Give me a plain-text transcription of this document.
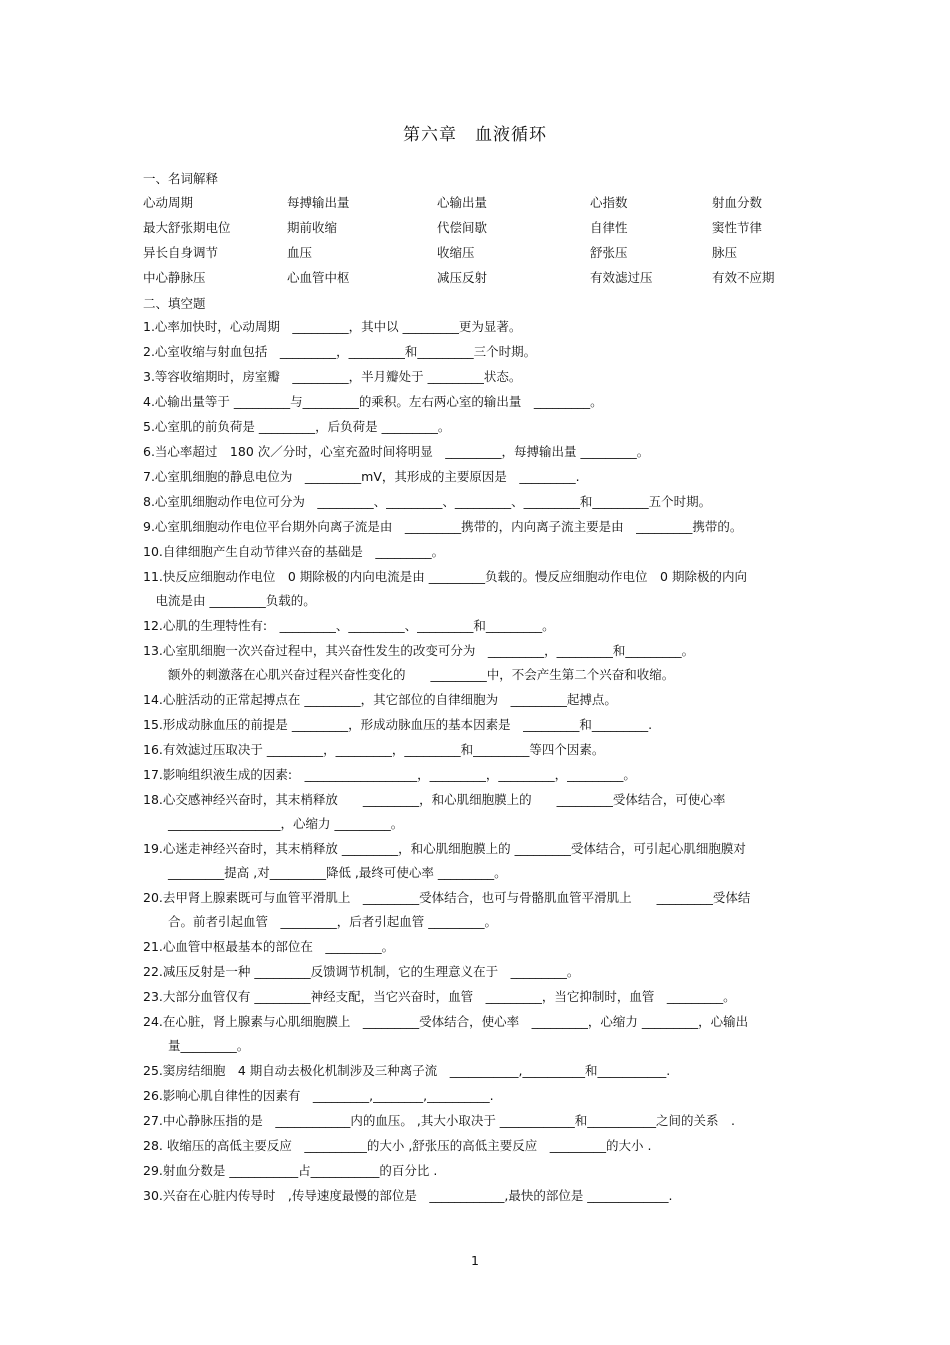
第六章　血液循环
一、名词解释
心动周期	每搏输出量	心输出量	心指数	射血分数
最大舒张期电位	期前收缩	代偿间歇	自律性	窦性节律
异长自身调节	血压	收缩压	舒张压	脉压
中心静脉压	心血管中枢	减压反射	有效滤过压	有效不应期
二、填空题
1.心率加快时，心动周期　_________，其中以 _________更为显著。
2.心室收缩与射血包括　_________，_________和_________三个时期。
3.等容收缩期时，房室瓣　_________，半月瓣处于 _________状态。
4.心输出量等于 _________与_________的乘积。左右两心室的输出量　_________。
5.心室肌的前负荷是 _________，后负荷是 _________。
6.当心率超过　180 次／分时，心室充盈时间将明显　_________，每搏输出量 _________。
7.心室肌细胞的静息电位为　_________mV，其形成的主要原因是　_________.
8.心室肌细胞动作电位可分为　_________、_________、_________、_________和_________五个时期。
9.心室肌细胞动作电位平台期外向离子流是由　_________携带的，内向离子流主要是由　_________携带的。
10.自律细胞产生自动节律兴奋的基础是　_________。
11.快反应细胞动作电位　0 期除极的内向电流是由 _________负载的。慢反应细胞动作电位　0 期除极的内向
　电流是由 _________负载的。
12.心肌的生理特性有:　_________、_________、_________和_________。
13.心室肌细胞一次兴奋过程中，其兴奋性发生的改变可分为　_________，_________和_________。
　　额外的刺激落在心肌兴奋过程兴奋性变化的　　_________中，不会产生第二个兴奋和收缩。
14.心脏活动的正常起搏点在 _________，其它部位的自律细胞为　_________起搏点。
15.形成动脉血压的前提是 _________，形成动脉血压的基本因素是　_________和_________.
16.有效滤过压取决于 _________，_________，_________和_________等四个因素。
17.影响组织液生成的因素:　__________________，_________，_________，_________。
18.心交感神经兴奋时，其末梢释放　　_________，和心肌细胞膜上的　　_________受体结合，可使心率
　　__________________，心缩力 _________。
19.心迷走神经兴奋时，其末梢释放 _________，和心肌细胞膜上的 _________受体结合，可引起心肌细胞膜对
　　_________提高 ,对_________降低 ,最终可使心率 _________。
20.去甲肾上腺素既可与血管平滑肌上　_________受体结合，也可与骨骼肌血管平滑肌上　　_________受体结
　　合。前者引起血管　_________，后者引起血管 _________。
21.心血管中枢最基本的部位在　_________。
22.减压反射是一种 _________反馈调节机制，它的生理意义在于　_________。
23.大部分血管仅有 _________神经支配，当它兴奋时，血管　_________，当它抑制时，血管　_________。
24.在心脏，肾上腺素与心肌细胞膜上　_________受体结合，使心率　_________，心缩力 _________，心输出
　　量_________。
25.窦房结细胞　4 期自动去极化机制涉及三种离子流　___________,__________和___________.
26.影响心肌自律性的因素有　_________,________,__________.
27.中心静脉压指的是　____________内的血压。 ,其大小取决于 ____________和___________之间的关系　.
28. 收缩压的高低主要反应　__________的大小 ,舒张压的高低主要反应　_________的大小 .
29.射血分数是 ___________占___________的百分比 .
30.兴奋在心脏内传导时　,传导速度最慢的部位是　____________,最快的部位是 _____________.
1
